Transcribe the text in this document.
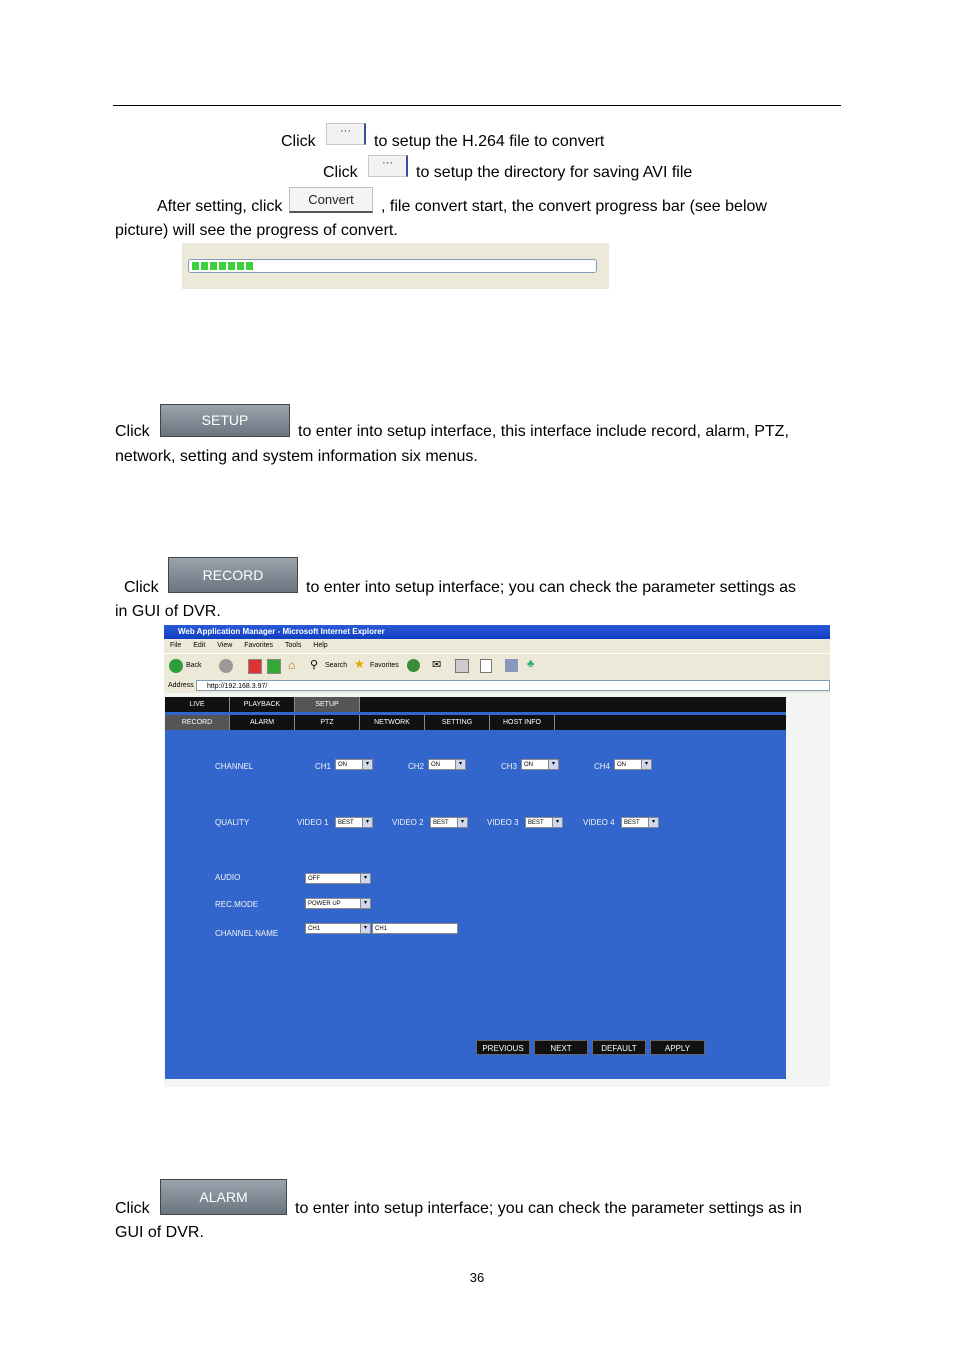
Click
···
to setup the H.264 file to convert
Click
···
to setup the directory for saving AVI file
After setting, click	Convert	, file convert start, the convert progress bar (see below
picture) will see the progress of convert.
Click
SETUP
to enter into setup interface, this interface include record, alarm, PTZ,
network, setting and system information six menus.
Click
RECORD
to enter into setup interface; you can check the parameter settings as
in GUI of DVR.
Web Application Manager - Microsoft Internet Explorer
File Edit View Favorites Tools Help
Back	⌂ ⚲ Search ★ Favorites	✉	♣
Address	http://192.168.3.97/
LIVE	PLAYBACK	SETUP
RECORD	ALARM	PTZ	NETWORK	SETTING	HOST INFO
CHANNEL	CH1	ON	▾	CH2	ON	▾	CH3	ON	▾	CH4	ON	▾
QUALITY	VIDEO 1	BEST	▾	VIDEO 2	BEST	▾	VIDEO 3	BEST	▾	VIDEO 4	BEST	▾
AUDIO	OFF	▾
REC.MODE	POWER UP	▾
CHANNEL NAME	CH1	▾	CH1
PREVIOUS	NEXT	DEFAULT	APPLY
Click
ALARM
to enter into setup interface; you can check the parameter settings as in
GUI of DVR.
36
